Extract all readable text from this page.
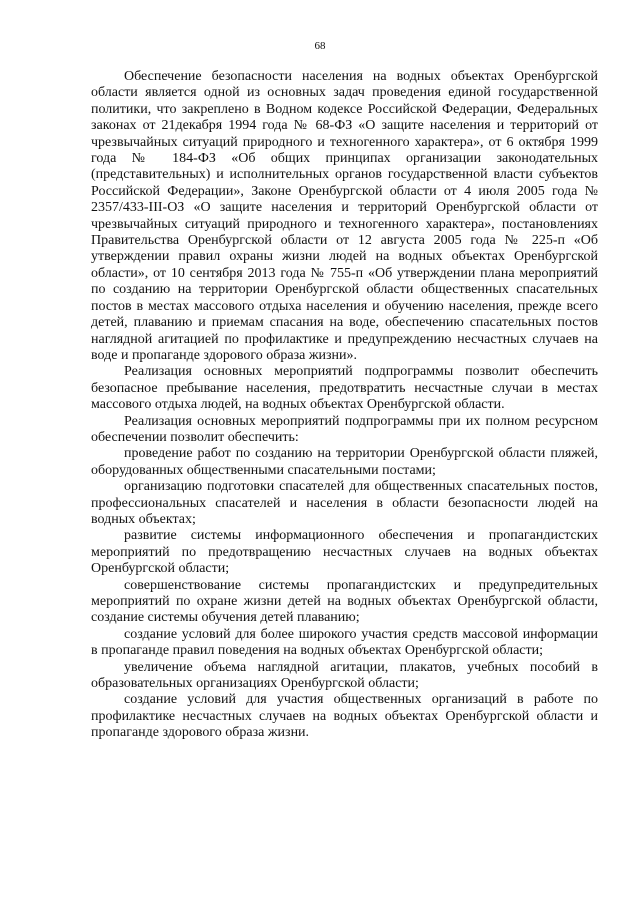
68

Обеспечение безопасности населения на водных объектах Оренбургской области является одной из основных задач проведения единой государственной политики, что закреплено в Водном кодексе Российской Федерации, Федеральных законах от 21декабря 1994 года № 68-ФЗ «О защите населения и территорий от чрезвычайных ситуаций природного и техногенного характера», от 6 октября 1999 года № 184-ФЗ «Об общих принципах организации законодательных (представительных) и исполнительных органов государственной власти субъектов Российской Федерации», Законе Оренбургской области от 4 июля 2005 года № 2357/433-III-ОЗ «О защите населения и территорий Оренбургской области от чрезвычайных ситуаций природного и техногенного характера», постановлениях Правительства Оренбургской области от 12 августа 2005 года № 225-п «Об утверждении правил охраны жизни людей на водных объектах Оренбургской области», от 10 сентября 2013 года № 755-п «Об утверждении плана мероприятий по созданию на территории Оренбургской области общественных спасательных постов в местах массового отдыха населения и обучению населения, прежде всего детей, плаванию и приемам спасания на воде, обеспечению спасательных постов наглядной агитацией по профилактике и предупреждению несчастных случаев на воде и пропаганде здорового образа жизни».

Реализация основных мероприятий подпрограммы позволит обеспечить безопасное пребывание населения, предотвратить несчастные случаи в местах массового отдыха людей, на водных объектах Оренбургской области.

Реализация основных мероприятий подпрограммы при их полном ресурсном обеспечении позволит обеспечить:

проведение работ по созданию на территории Оренбургской области пляжей, оборудованных общественными спасательными постами;

организацию подготовки спасателей для общественных спасательных постов, профессиональных спасателей и населения в области безопасности людей на водных объектах;

развитие системы информационного обеспечения и пропагандистских мероприятий по предотвращению несчастных случаев на водных объектах Оренбургской области;

совершенствование системы пропагандистских и предупредительных мероприятий по охране жизни детей на водных объектах Оренбургской области, создание системы обучения детей плаванию;

создание условий для более широкого участия средств массовой информации в пропаганде правил поведения на водных объектах Оренбургской области;

увеличение объема наглядной агитации, плакатов, учебных пособий в образовательных организациях Оренбургской области;

создание условий для участия общественных организаций в работе по профилактике несчастных случаев на водных объектах Оренбургской области и пропаганде здорового образа жизни.
